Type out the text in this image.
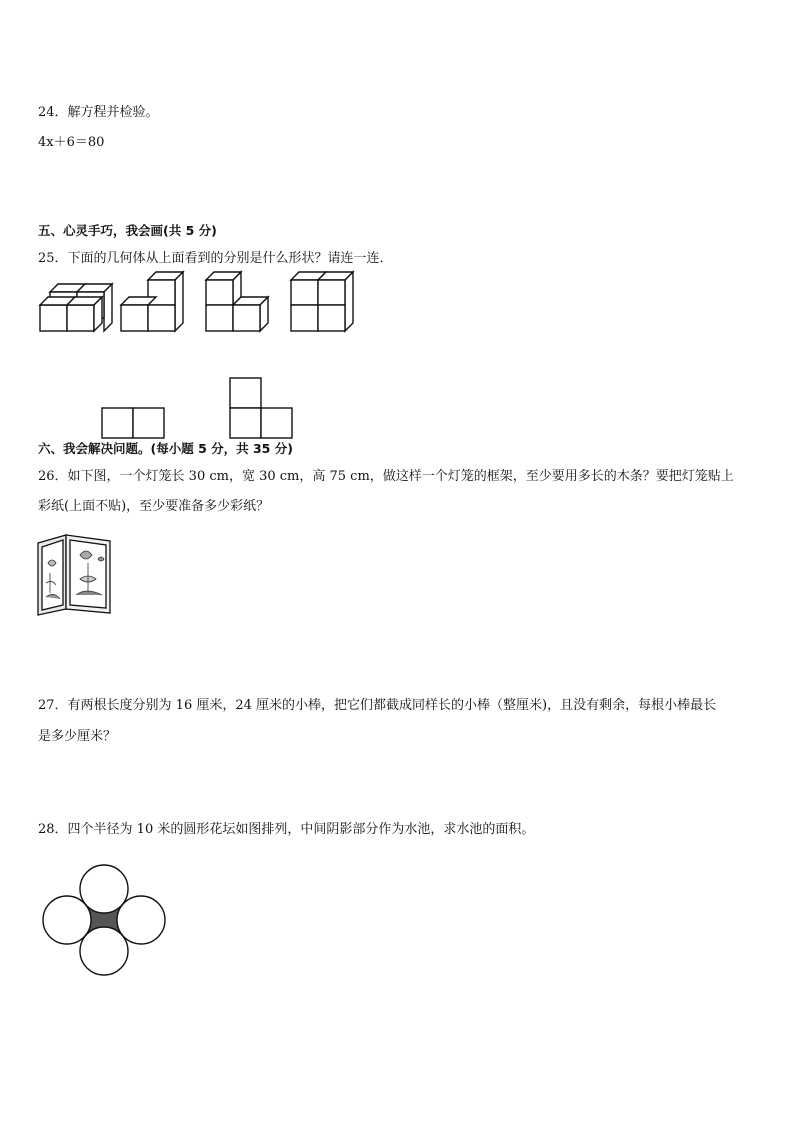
24．解方程并检验。
4x＋6＝80
五、心灵手巧，我会画(共 5 分)
25．下面的几何体从上面看到的分别是什么形状？请连一连．
六、我会解决问题。(每小题 5 分，共 35 分)
26．如下图，一个灯笼长 30 cm，宽 30 cm，高 75 cm，做这样一个灯笼的框架，至少要用多长的木条？要把灯笼贴上
彩纸(上面不贴)，至少要准备多少彩纸？
27．有两根长度分别为 16 厘米，24 厘米的小棒，把它们都截成同样长的小棒（整厘米)，且没有剩余，每根小棒最长
是多少厘米？
28．四个半径为 10 米的圆形花坛如图排列，中间阴影部分作为水池，求水池的面积。
